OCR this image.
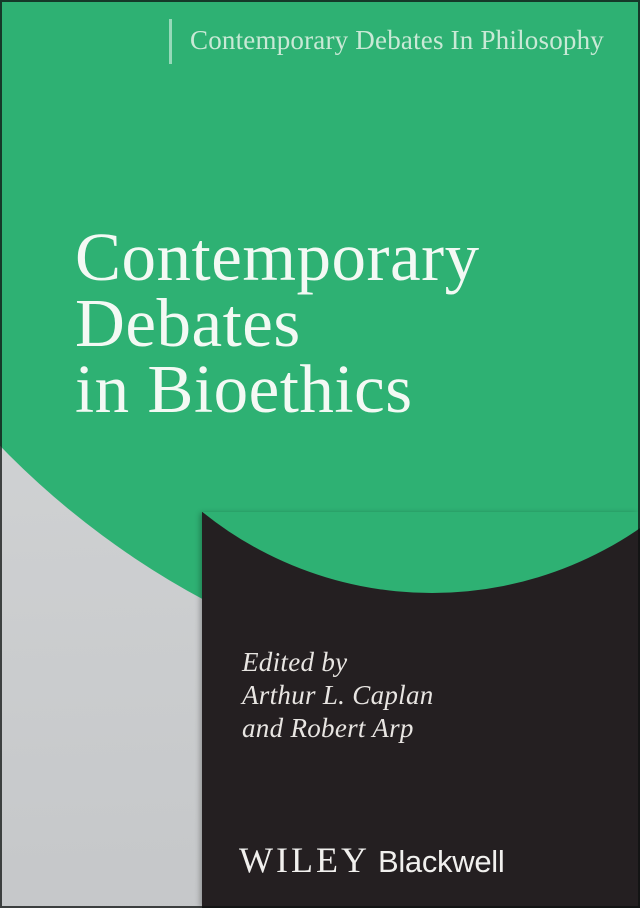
Contemporary Debates In Philosophy
Contemporary
Debates
in Bioethics
Edited by
Arthur L. Caplan
and Robert Arp
WILEY Blackwell
